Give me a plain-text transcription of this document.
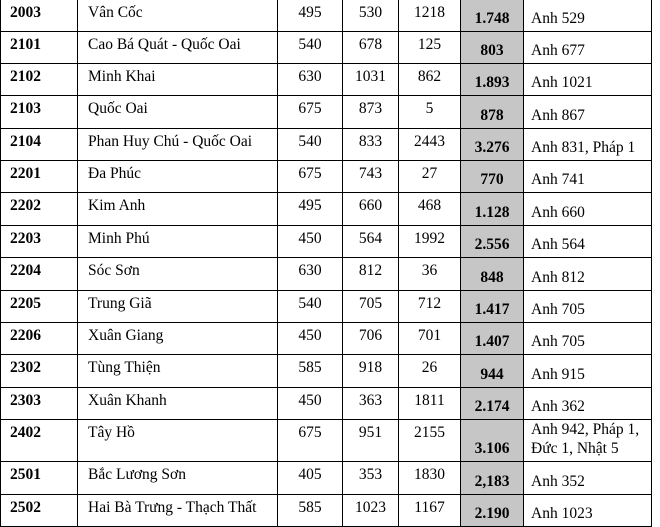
2003	Vân Cốc	495	530	1218	1.748	Anh 529
2101	Cao Bá Quát - Quốc Oai	540	678	125	803	Anh 677
2102	Minh Khai	630	1031	862	1.893	Anh 1021
2103	Quốc Oai	675	873	5	878	Anh 867
2104	Phan Huy Chú - Quốc Oai	540	833	2443	3.276	Anh 831, Pháp 1
2201	Đa Phúc	675	743	27	770	Anh 741
2202	Kim Anh	495	660	468	1.128	Anh 660
2203	Minh Phú	450	564	1992	2.556	Anh 564
2204	Sóc Sơn	630	812	36	848	Anh 812
2205	Trung Giã	540	705	712	1.417	Anh 705
2206	Xuân Giang	450	706	701	1.407	Anh 705
2302	Tùng Thiện	585	918	26	944	Anh 915
2303	Xuân Khanh	450	363	1811	2.174	Anh 362
2402	Tây Hồ	675	951	2155	3.106	Anh 942, Pháp 1, Đức 1, Nhật 5
2501	Bắc Lương Sơn	405	353	1830	2,183	Anh 352
2502	Hai Bà Trưng - Thạch Thất	585	1023	1167	2.190	Anh 1023
